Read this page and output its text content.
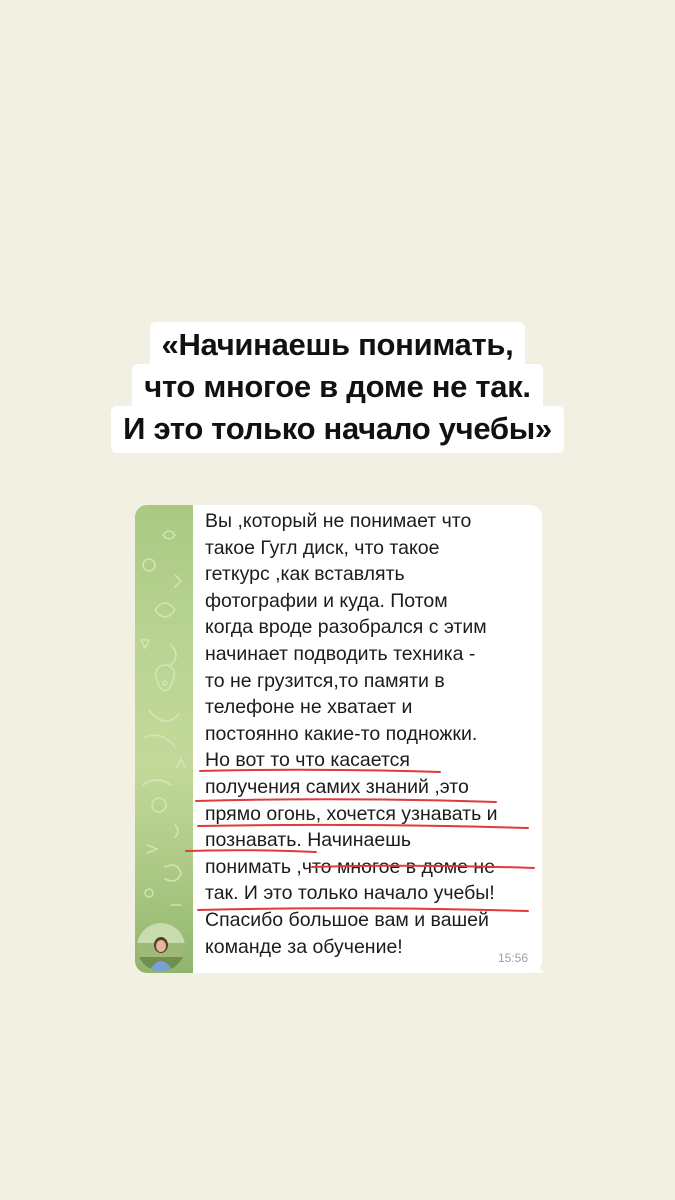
«Начинаешь понимать,
что многое в доме не так.
И это только начало учебы»
Вы ,который не понимает что
такое Гугл диск, что такое
геткурс ,как вставлять
фотографии и куда. Потом
когда вроде разобрался с этим
начинает подводить техника -
то не грузится,то памяти в
телефоне не хватает и
постоянно какие-то подножки.
Но вот то что касается
получения самих знаний ,это
прямо огонь, хочется узнавать и
познавать. Начинаешь
понимать ,что многое в доме не
так. И это только начало учебы!
Спасибо большое вам и вашей
команде за обучение!
15:56
